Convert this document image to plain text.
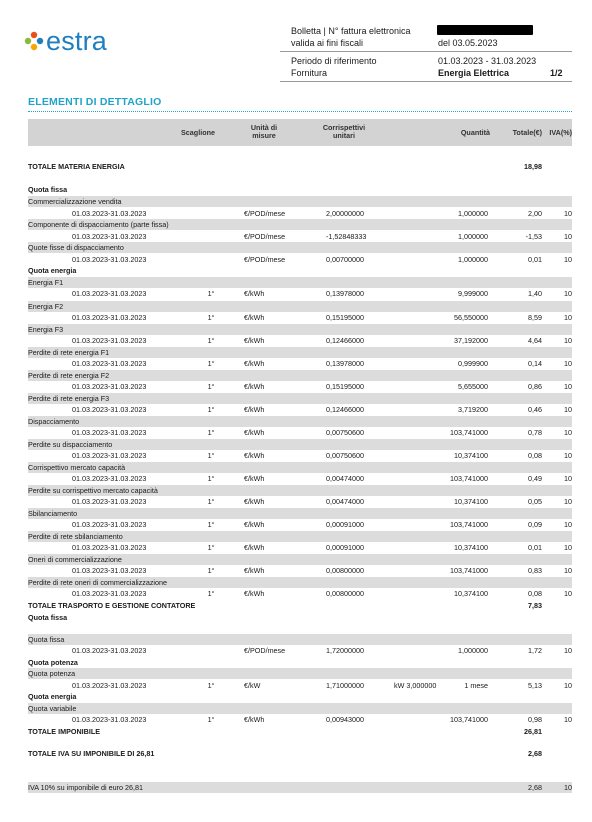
estra	Bolletta | N° fattura elettronica
valida ai fini fiscali	del 03.05.2023
Periodo di riferimento	01.03.2023 - 31.03.2023
Fornitura	Energia Elettrica	1/2
ELEMENTI DI DETTAGLIO
Scaglione
Unità di misure
Corrispettivi unitari	Quantità	Totale(€)	IVA(%)
TOTALE MATERIA ENERGIA	18,98
Quota fissa
Commercializzazione vendita
01.03.2023-31.03.2023	€/POD/mese	2,00000000	1,000000	2,00	10
Componente di dispacciamento (parte fissa)
01.03.2023-31.03.2023	€/POD/mese	-1,52848333	1,000000	-1,53	10
Quote fisse di dispacciamento
01.03.2023-31.03.2023	€/POD/mese	0,00700000	1,000000	0,01	10
Quota energia
Energia F1
01.03.2023-31.03.2023	1°	€/kWh	0,13978000	9,999000	1,40	10
Energia F2
01.03.2023-31.03.2023	1°	€/kWh	0,15195000	56,550000	8,59	10
Energia F3
01.03.2023-31.03.2023	1°	€/kWh	0,12466000	37,192000	4,64	10
Perdite di rete energia F1
01.03.2023-31.03.2023	1°	€/kWh	0,13978000	0,999900	0,14	10
Perdite di rete energia F2
01.03.2023-31.03.2023	1°	€/kWh	0,15195000	5,655000	0,86	10
Perdite di rete energia F3
01.03.2023-31.03.2023	1°	€/kWh	0,12466000	3,719200	0,46	10
Dispacciamento
01.03.2023-31.03.2023	1°	€/kWh	0,00750600	103,741000	0,78	10
Perdite su dispacciamento
01.03.2023-31.03.2023	1°	€/kWh	0,00750600	10,374100	0,08	10
Corrispettivo mercato capacità
01.03.2023-31.03.2023	1°	€/kWh	0,00474000	103,741000	0,49	10
Perdite su corrispettivo mercato capacità
01.03.2023-31.03.2023	1°	€/kWh	0,00474000	10,374100	0,05	10
Sbilanciamento
01.03.2023-31.03.2023	1°	€/kWh	0,00091000	103,741000	0,09	10
Perdite di rete sbilanciamento
01.03.2023-31.03.2023	1°	€/kWh	0,00091000	10,374100	0,01	10
Oneri di commercializzazione
01.03.2023-31.03.2023	1°	€/kWh	0,00800000	103,741000	0,83	10
Perdite di rete oneri di commercializzazione
01.03.2023-31.03.2023	1°	€/kWh	0,00800000	10,374100	0,08	10
TOTALE TRASPORTO E GESTIONE CONTATORE	7,83
Quota fissa
Quota fissa
01.03.2023-31.03.2023	€/POD/mese	1,72000000	1,000000	1,72	10
Quota potenza
Quota potenza
01.03.2023-31.03.2023	1°	€/kW	1,71000000	kW 3,000000	1 mese	5,13	10
Quota energia
Quota variabile
01.03.2023-31.03.2023	1°	€/kWh	0,00943000	103,741000	0,98	10
TOTALE IMPONIBILE	26,81
TOTALE IVA SU IMPONIBILE DI 26,81	2,68
IVA 10% su imponibile di euro 26,81	2,68	10
